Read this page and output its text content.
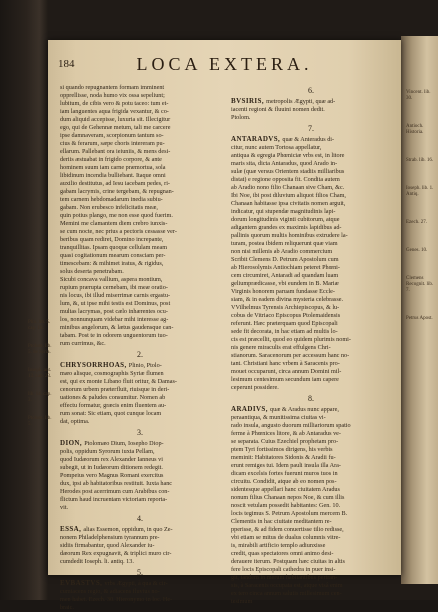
184	LOCA EXTERA.
si quando repugnantem formam imminent
opprellisse, noda humo vix ossa sepeliunt;
lubitum, de cibis vero & potu taceo: tum et-
iam languentes aqua frigida vexantur, & co-
dum aliquid accepisse, luxuria sit. Illecigitur
ego, qui de Gehennæ metum, tali me carcere
ipse damnaveram, scorpionum tantum so-
cius & ferarum, sæpe choris intereram pu-
ellarum. Pallebant ora ieiuniis, & mens desi-
deriis æstuabat in frigido corpore, & ante
hominem suum iam carne præmortua, sola
libidinum incendia bulliebant. Itaque omni
auxilio destitutus, ad Iesu iacebam pedes, ri-
gabam lacrymis, crine tergebam, & repugnan-
tem carnem hebdomadarum inedia subiu-
gabam. Non erubesco infelicitatis meæ,
quin potius plango, me non esse quod fuerim.
Memini me clamantem diem crebro iunxis-
se cum nocte, nec prius a pectoris cessasse ver-
beribus quam rediret, Domino increpante,
tranquillitas. Ipsam quoque cellulam meam
quasi cogitationum mearum consciam per-
timescebam: & mihimet iratus, & rigidus,
solus deserta penetrabam.
Sicubi concava vallium, aspera montium,
rupium prærupta cernebam, ibi meæ oratio-
nis locus, ibi illud miserrimæ carnis ergastu-
lum, &, ut ipse mihi testis est Dominus, post
multas lacrymas, post cælo inhærentes ocu-
los, nonnunquam videbar mihi interesse ag-
minibus angelorum, & lætus gaudensque can-
tabam. Post te in odorem unguentorum tuo-
rum currimus, &c.
2.
CHRYSORRHOAS, Plinio, Ptolo-
mæo alisque, cosmographis Syriæ flumen
est, qui ex monte Libano fluit oritur, & Damas-
cenorum urbem præterfluit, riuisque in deri-
uationes & paludes consumitur. Nomen ab
effectu formatur, græcis enim fluentem au-
rum sonat: Sic etiam, quot cunque locam
dat, optima.
3.
DION, Ptolomæo Dium, Iosepho Diop-
polis, oppidum Syrorum iuxta Pellam,
quod Iudæorum rex Alexander Ianneus vi
subegit, ut in Iudæorum ditionem redegit.
Pompeius vero Magnus Romani exercitus
dux, ipsi ab habitatoribus restituit. Iuxta hanc
Herodes post acerrimum cum Arabibus con-
flictum haud incruentam victoriam reporta-
vit.
4.
ESSA, alias Essemon, oppidum, in quo Ze-
nonem Philadelphensium tyrannum pre-
sidiis firmabantur, quod Alexander iu-
dæorum Rex expugnavit, & triplici muro cir-
cumdedit Ioseph. li. antiq. 13.
5.
EVBASTVS, vrbs Ægypti, à qua & cir-
cumiacens regio, & adiacens fluvius no-
men habet. Ezech. 30. Hieronymo in loc. He-
braic.
6.
BVSIRIS, metropolis Ægypti, quæ ad-
iacenti regioni & fluuini nomen dedit.
Ptolom.
7.
ANTARADVS, quæ & Anteradus di-
citur, nunc autem Tortosa appellatur,
antiqua & egregia Phœniciæ vrbs est, in litore
maris sita, dicta Antaradus, quod Arado in-
sulæ (quæ versus Orientem stadiis milliaribus
distat) e regione opposita fit. Condita autem
ab Aradio nono filio Chanaan sive Cham, &c.
Ibi Noe, ibi post diluvium aliquot filios Cham,
Chanaan habitasse ipsa civitatis nomen arguit,
indicatur, qui stupendæ magnitudinis lapi-
dorum longitudinis viginti cubitorum, atque
adigantem grandes ex maximis lapidibus ad-
pallinis quorum multis hominibus extrudere la-
turam, postea ibidem reliquerunt quæ viam
non nisi millenis ab Aradio commercium
Scribit Clemens D. Petrum Apostolum cum
ab Hierosolymis Antiochiam peteret Phœni-
cem circumiret, Antaradi ad quandam luam
geliumprædicasse, vbi eundem in B. Mariæ
Virginis honorem paruam fundasse Eccle-
siam, & in eadem divina mysteria celebrasse.
VVilhelmus Tyrensis Archiepiscopus, & lu-
cobus de Vitriaco Episcopus Ptolemaidensis
referunt. Hæc præterquam quod Episcopali
sede fit decorata, in hac etiam ad multis lo-
cis est præcellit, quod eo quidem plurimis nomi-
nis genere miraculis erat effulgens Chri-
stianorum. Saracenorum per accessum hanc no-
tant. Christiani hanc vrbem à Saracenis pro-
mouet occuparunt, circa annum Domini mil-
lesimum centesimum secundum iam capere
ceperunt possidere.
8.
ARADIVS, quæ & Aradus nunc appare,
peraantiqua, & munitissima ciuitas vi-
rado insula, angusto duorum milliariorum spatio
ferme à Phœnices litore, & ab Antaradus ve-
se separata. Cuius Ezechiel prophetam pro-
ptem Tyri fortissimos dirigens, his verbis
meminit: Habitatores Sidonis & Aradii fu-
erunt remiges tui. Idem pauli insula illa Ara-
dicam excelsis fortes fuerunt muros tuos in
circuitu. Condidit, atque ab eo nomen pos-
sidentesque appellari hanc ciuitatem Aradus
nonum filius Chanaan nepos Noe, & cum illis
noscit vetulam possedit habitantes: Gen. 10.
locis tegimus S. Petrum Apostolum mercem B.
Clementis in hac ciuitate meditantem re-
pperisse, & ad fidem conuertisse tilio redisse,
vbi etiam se mitus de dualus columnis vitre-
is, mirabili artificio templo adiunxisse
credit, quas spectatores omni animo desi-
derauere iterum. Postquam hæc ciuitas in altis
fere locis Episcopali cathedra in puer insi-
git, tandem in merum habitantibus pertran-
sis, à Saracenis occupata est, atque visâ enim
ex tero cinca annum salutis millesimum cen-
tesimum
Plin. lib. 5. cap. 18.
Ptolom. lib. 5. de Syria.
Ioseph. ant. 13. cap. 23.
lib. 14. cap. 3.
Ptolom. lib. 5.
Vincent. lib. 30.
Antioch. Historia.
Strab. lib. 16.
Ioseph. lib. 1. Antiq.
Ezech. 27.
Genes. 10.
Clemens Recognit. lib. 7.
Petrus Apost.
